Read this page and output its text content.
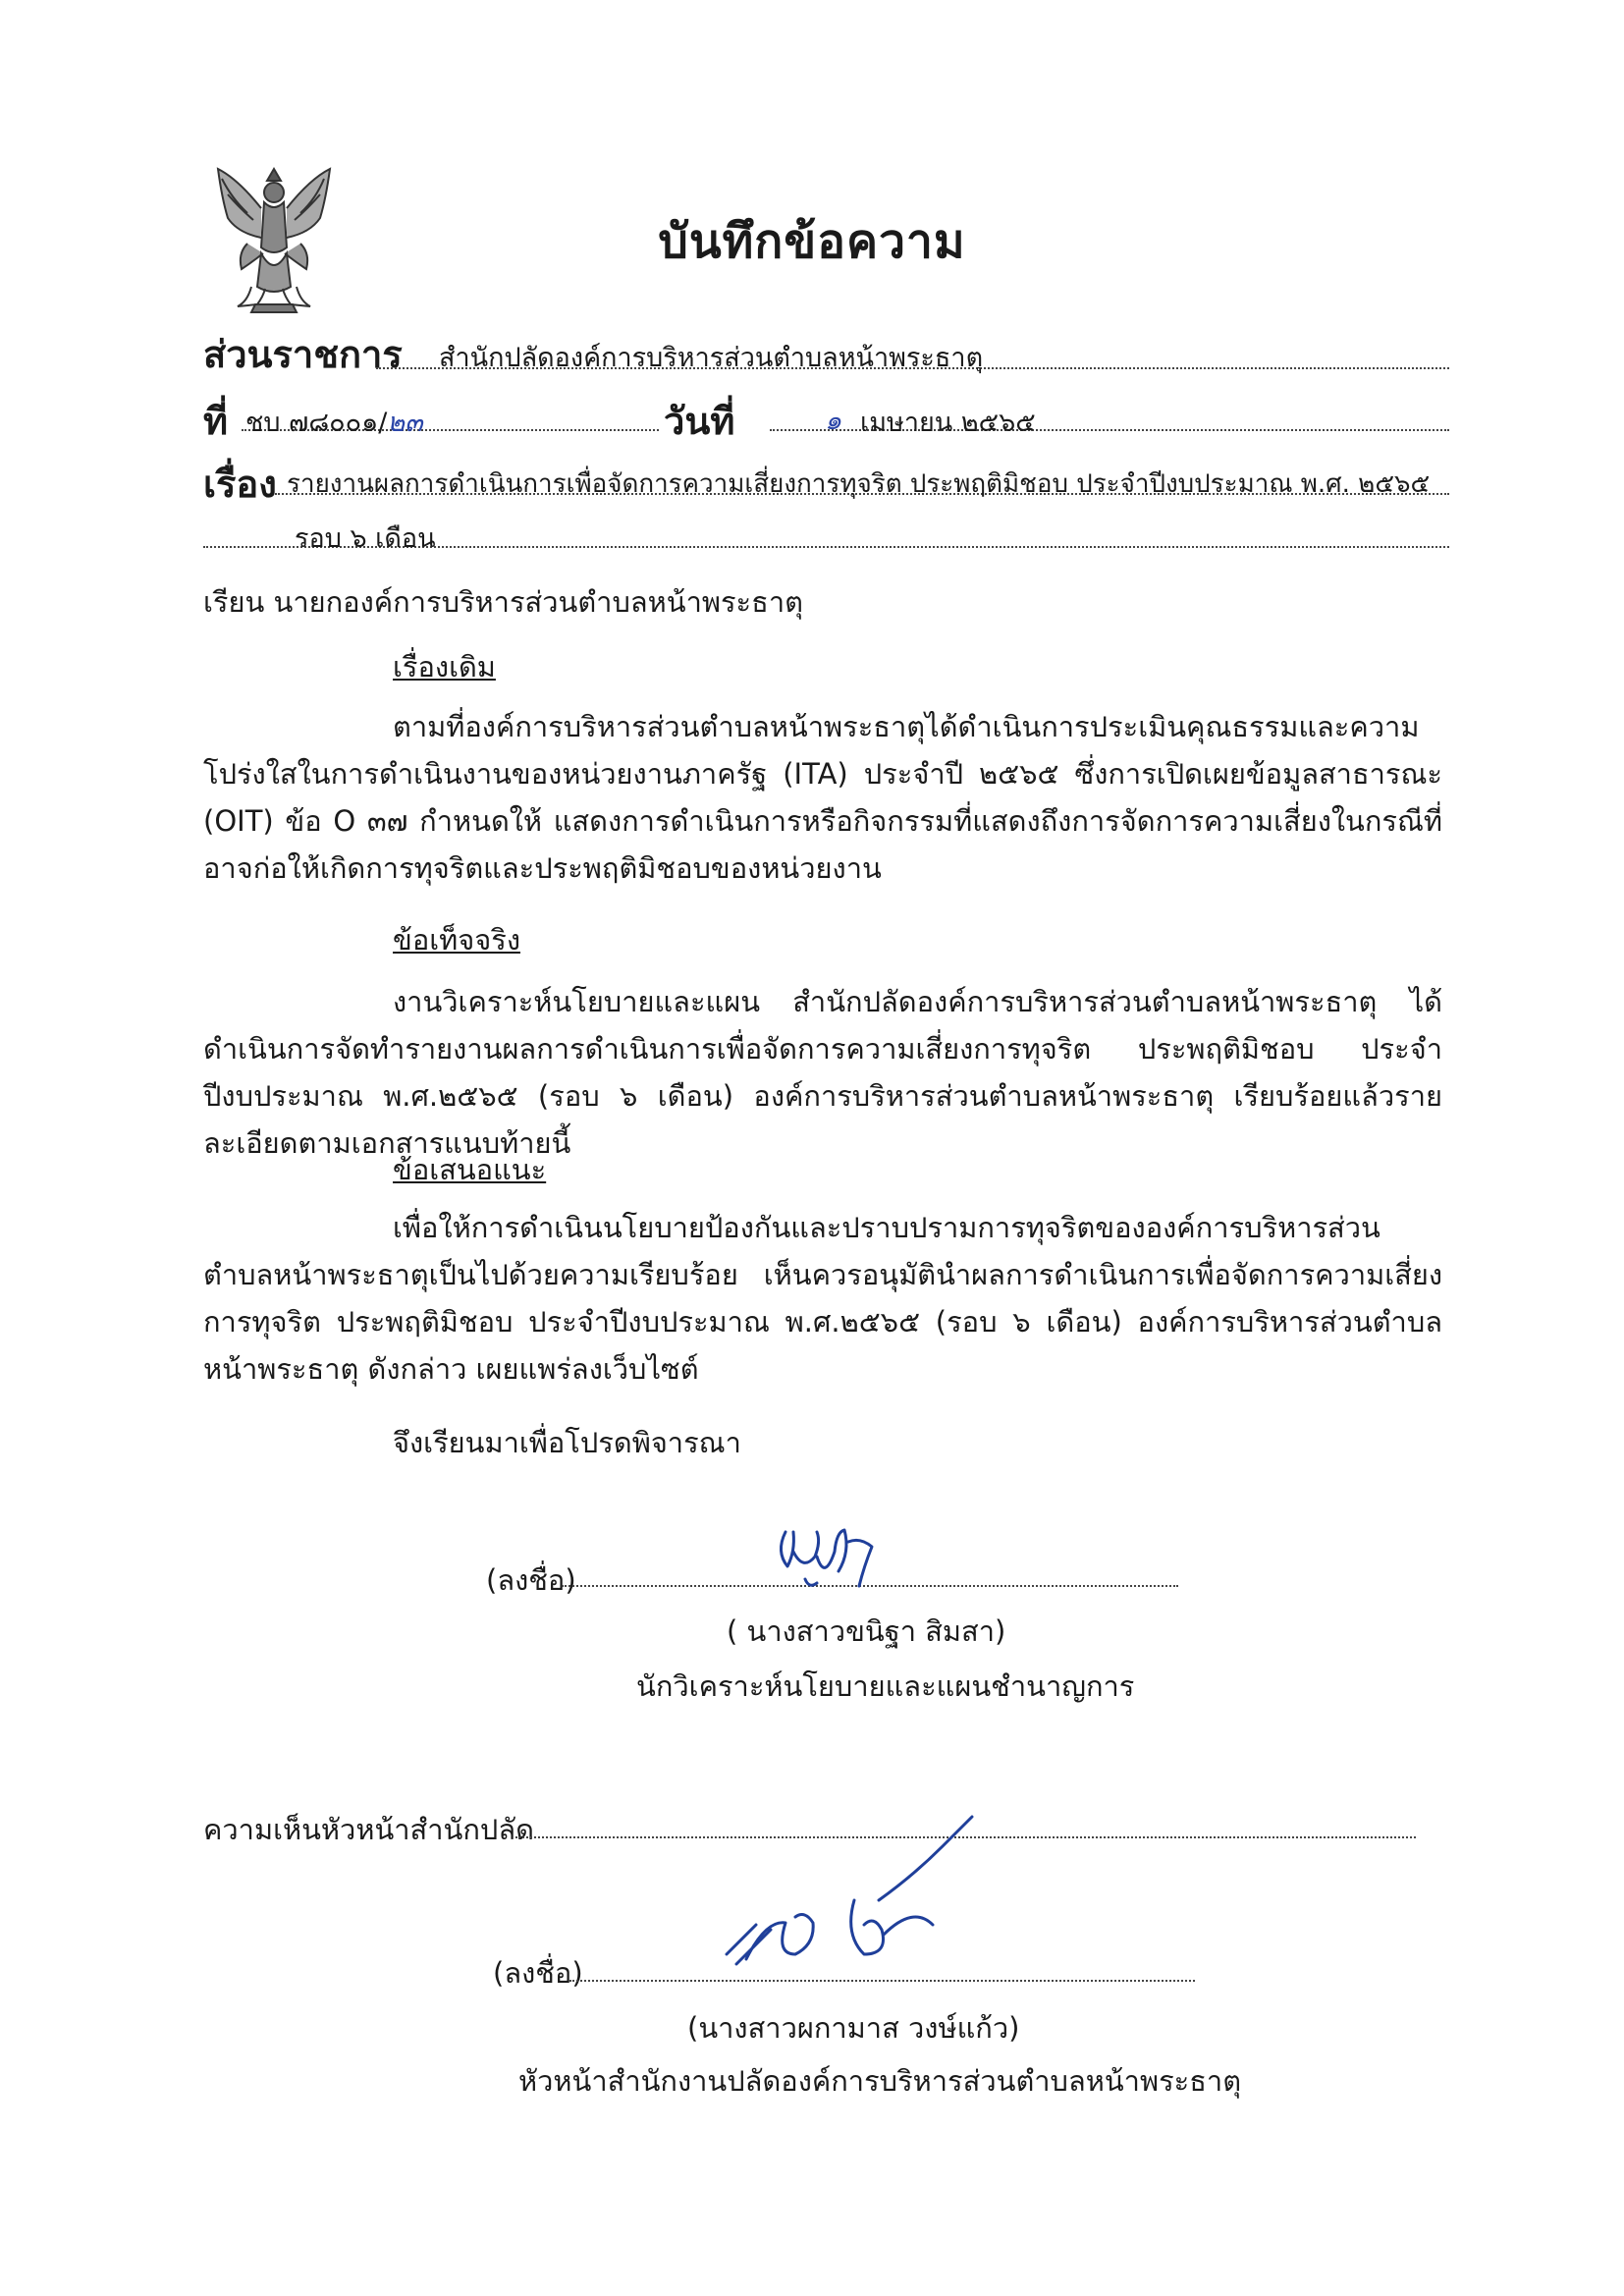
บันทึกข้อความ
ส่วนราชการ สำนักปลัดองค์การบริหารส่วนตำบลหน้าพระธาตุ
ที่ ชบ ๗๘๐๐๑/๒๓	วันที่	๑ เมษายน ๒๕๖๕
เรื่อง รายงานผลการดำเนินการเพื่อจัดการความเสี่ยงการทุจริต ประพฤติมิชอบ ประจำปีงบประมาณ พ.ศ. ๒๕๖๕
รอบ ๖ เดือน
เรียน นายกองค์การบริหารส่วนตำบลหน้าพระธาตุ
เรื่องเดิม
ตามที่องค์การบริหารส่วนตำบลหน้าพระธาตุได้ดำเนินการประเมินคุณธรรมและความโปร่งใสในการดำเนินงานของหน่วยงานภาครัฐ (ITA) ประจำปี ๒๕๖๕ ซึ่งการเปิดเผยข้อมูลสาธารณะ (OIT) ข้อ O ๓๗ กำหนดให้ แสดงการดำเนินการหรือกิจกรรมที่แสดงถึงการจัดการความเสี่ยงในกรณีที่อาจก่อให้เกิดการทุจริตและประพฤติมิชอบของหน่วยงาน
ข้อเท็จจริง
งานวิเคราะห์นโยบายและแผน สำนักปลัดองค์การบริหารส่วนตำบลหน้าพระธาตุ ได้ดำเนินการจัดทำรายงานผลการดำเนินการเพื่อจัดการความเสี่ยงการทุจริต ประพฤติมิชอบ ประจำปีงบประมาณ พ.ศ.๒๕๖๕ (รอบ ๖ เดือน) องค์การบริหารส่วนตำบลหน้าพระธาตุ เรียบร้อยแล้วรายละเอียดตามเอกสารแนบท้ายนี้
ข้อเสนอแนะ
เพื่อให้การดำเนินนโยบายป้องกันและปราบปรามการทุจริตขององค์การบริหารส่วนตำบลหน้าพระธาตุเป็นไปด้วยความเรียบร้อย เห็นควรอนุมัตินำผลการดำเนินการเพื่อจัดการความเสี่ยงการทุจริต ประพฤติมิชอบ ประจำปีงบประมาณ พ.ศ.๒๕๖๕ (รอบ ๖ เดือน) องค์การบริหารส่วนตำบลหน้าพระธาตุ ดังกล่าว เผยแพร่ลงเว็บไซต์
จึงเรียนมาเพื่อโปรดพิจารณา
(ลงชื่อ)
( นางสาวขนิฐา สิมสา)
นักวิเคราะห์นโยบายและแผนชำนาญการ
ความเห็นหัวหน้าสำนักปลัด
(ลงชื่อ)
(นางสาวผกามาส วงษ์แก้ว)
หัวหน้าสำนักงานปลัดองค์การบริหารส่วนตำบลหน้าพระธาตุ
